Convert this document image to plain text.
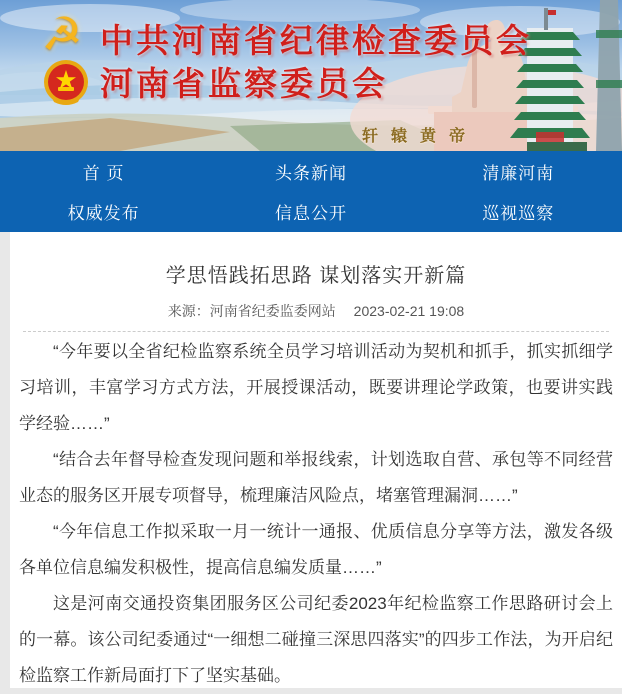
☭ 中共河南省纪律检查委员会
河南省监察委员会
轩辕黄帝
首 页	头条新闻	清廉河南
权威发布	信息公开	巡视巡察
学思悟践拓思路 谋划落实开新篇
来源：河南省纪委监委网站 2023-02-21 19:08

“今年要以全省纪检监察系统全员学习培训活动为契机和抓手，抓实抓细学习培训，丰富学习方式方法，开展授课活动，既要讲理论学政策，也要讲实践学经验……”

“结合去年督导检查发现问题和举报线索，计划选取自营、承包等不同经营业态的服务区开展专项督导，梳理廉洁风险点，堵塞管理漏洞……”

“今年信息工作拟采取一月一统计一通报、优质信息分享等方法，激发各级各单位信息编发积极性，提高信息编发质量……”

这是河南交通投资集团服务区公司纪委2023年纪检监察工作思路研讨会上的一幕。该公司纪委通过“一细想二碰撞三深思四落实”的四步工作法，为开启纪检监察工作新局面打下了坚实基础。
